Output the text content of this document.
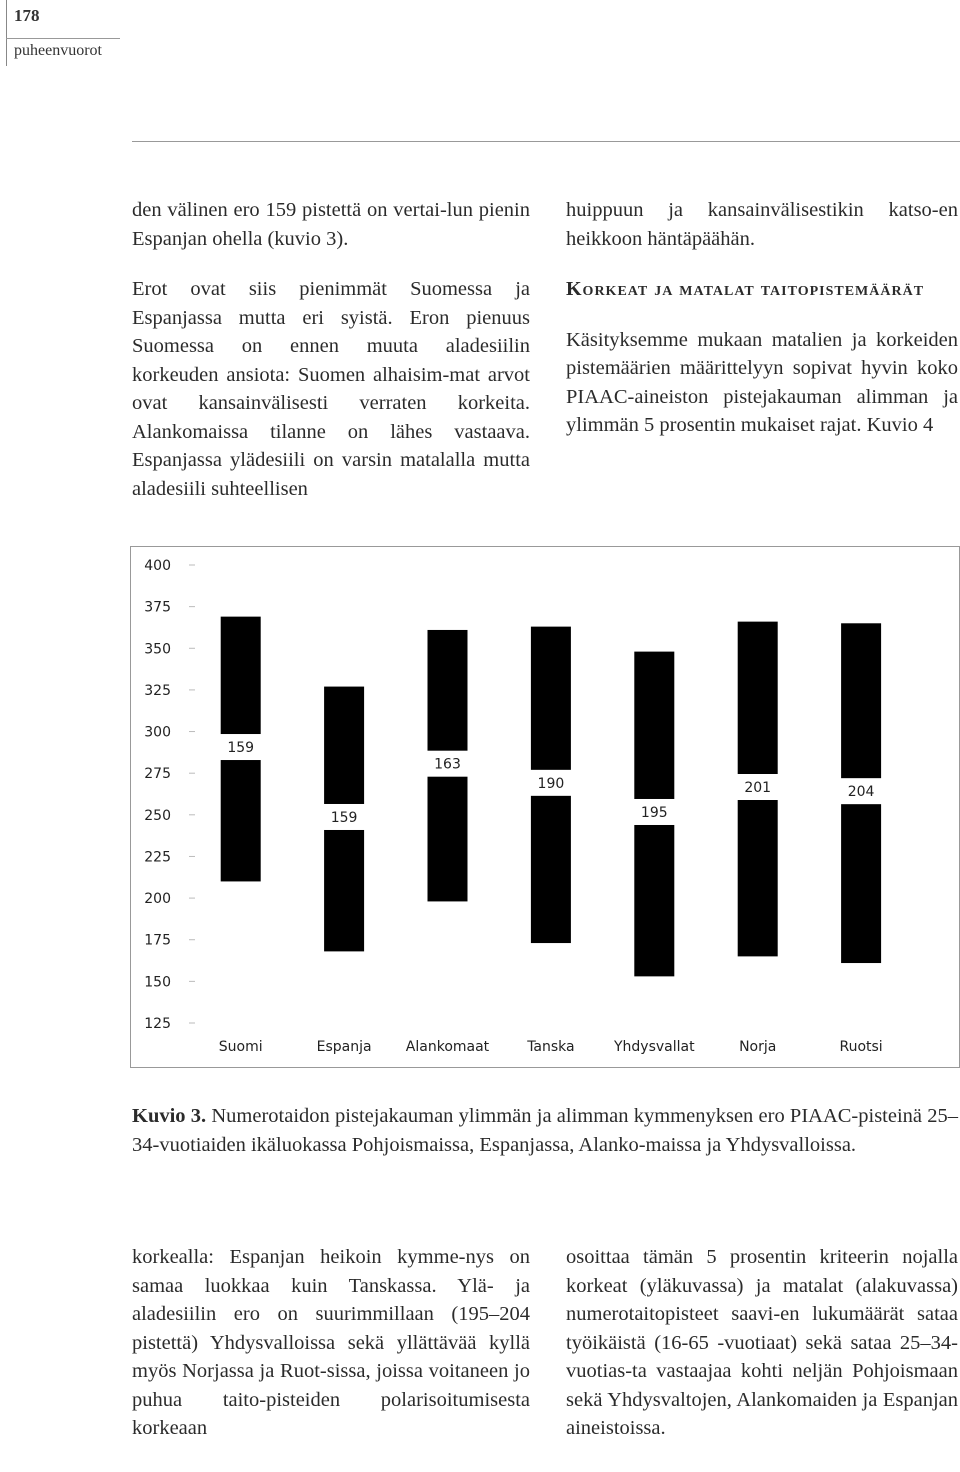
178
puheenvuorot

den välinen ero 159 pistettä on vertai-lun pienin Espanjan ohella (kuvio 3).

Erot ovat siis pienimmät Suomessa ja Espanjassa mutta eri syistä. Eron pienuus Suomessa on ennen muuta aladesiilin korkeuden ansiota: Suomen alhaisim-mat arvot ovat kansainvälisesti verraten korkeita. Alankomaissa tilanne on lähes vastaava. Espanjassa ylädesiili on varsin matalalla mutta aladesiili suhteellisen

huippuun ja kansainvälisestikin katso-en heikkoon häntäpäähän.

Korkeat ja matalat taitopistemäärät

Käsityksemme mukaan matalien ja korkeiden pistemäärien määrittelyyn sopivat hyvin koko PIAAC-aineiston pistejakauman alimman ja ylimmän 5 prosentin mukaiset rajat. Kuvio 4

125
150
175
200
225
250
275
300
325
350
375
400
159
Suomi
159
Espanja
163
Alankomaat
190
Tanska
195
Yhdysvallat
201
Norja
204
Ruotsi
Kuvio 3. Numerotaidon pistejakauman ylimmän ja alimman kymmenyksen ero PIAAC-pisteinä 25–34-vuotiaiden ikäluokassa Pohjoismaissa, Espanjassa, Alanko-maissa ja Yhdysvalloissa.

korkealla: Espanjan heikoin kymme-nys on samaa luokkaa kuin Tanskassa. Ylä- ja aladesiilin ero on suurimmillaan (195–204 pistettä) Yhdysvalloissa sekä yllättävää kyllä myös Norjassa ja Ruot-sissa, joissa voitaneen jo puhua taito-pisteiden polarisoitumisesta korkeaan

osoittaa tämän 5 prosentin kriteerin nojalla korkeat (yläkuvassa) ja matalat (alakuvassa) numerotaitopisteet saavi-en lukumäärät sataa työikäistä (16-65 -vuotiaat) sekä sataa 25–34-vuotias-ta vastaajaa kohti neljän Pohjoismaan sekä Yhdysvaltojen, Alankomaiden ja Espanjan aineistoissa.
